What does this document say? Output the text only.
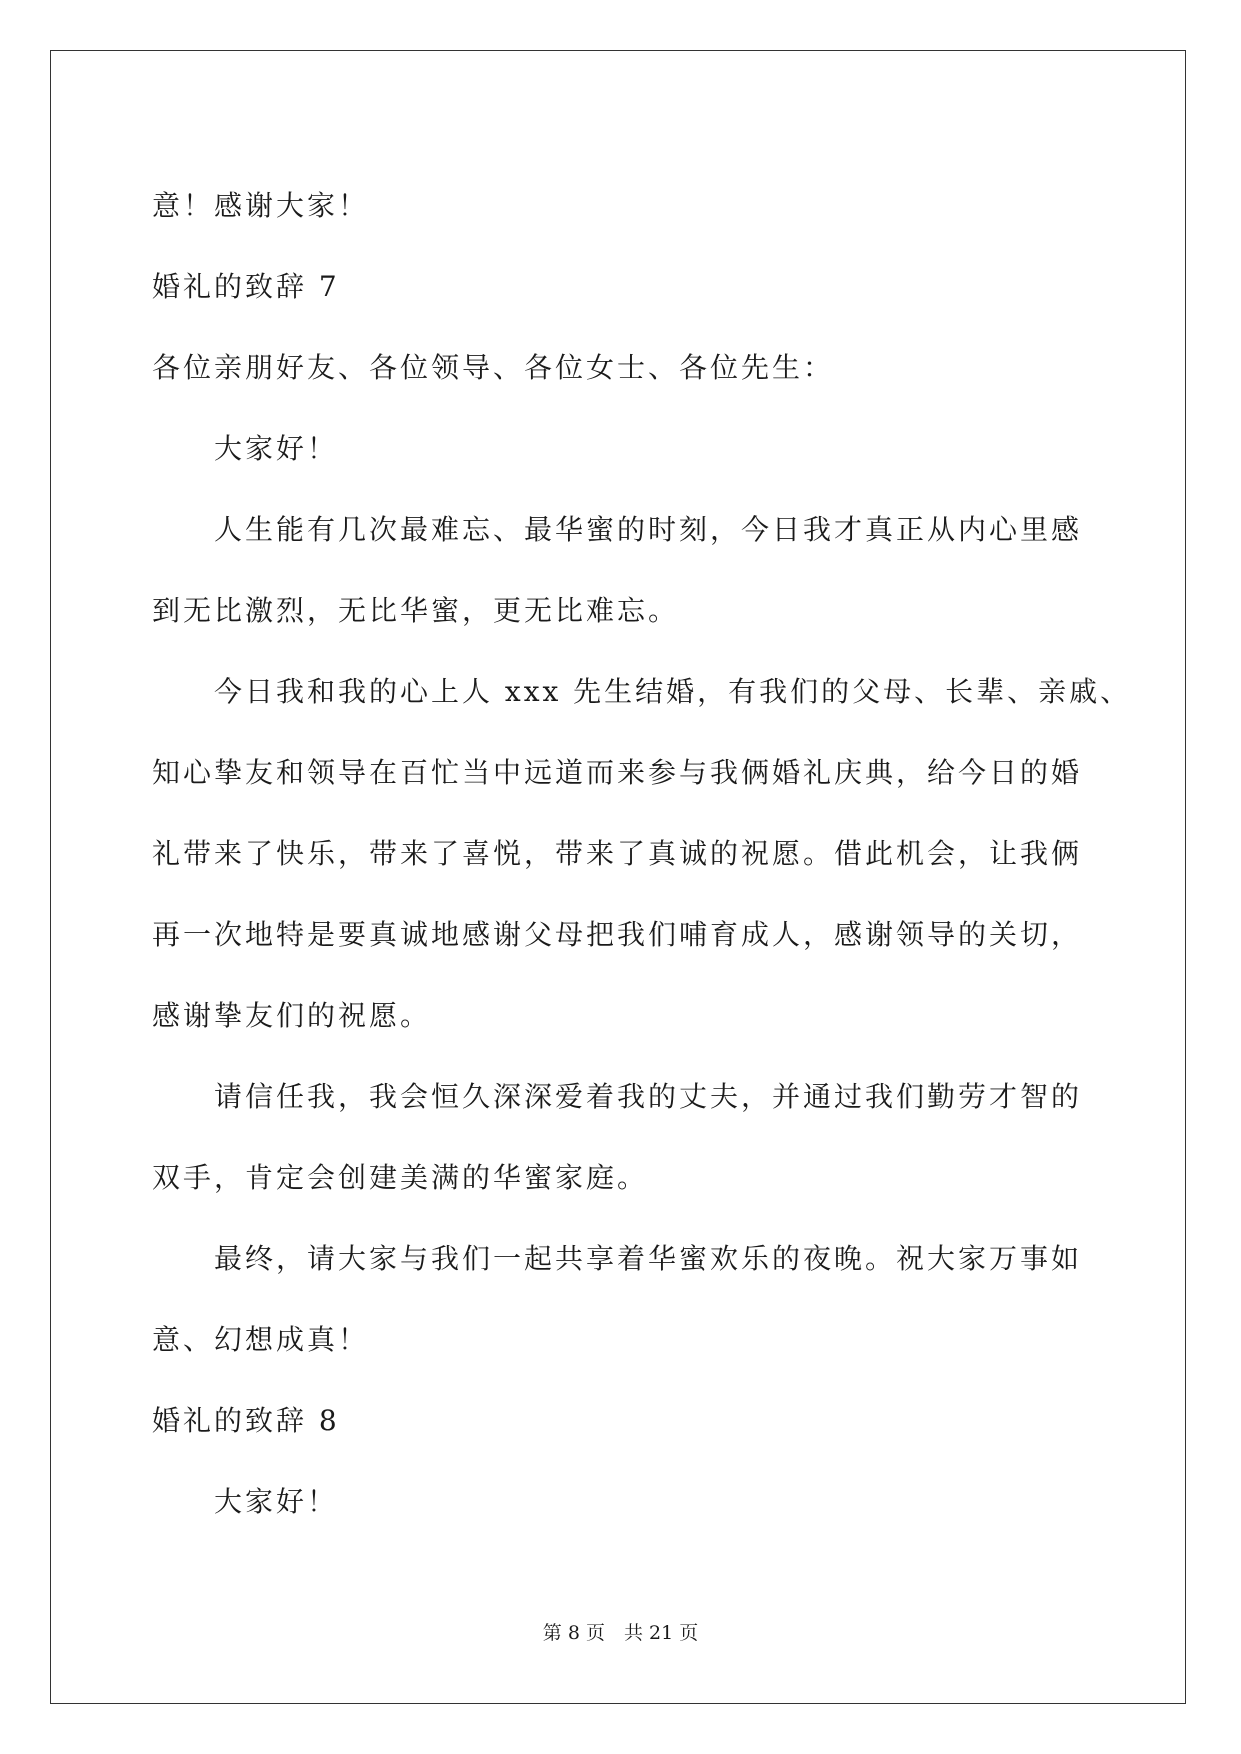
意！感谢大家！
婚礼的致辞 7
各位亲朋好友、各位领导、各位女士、各位先生：
大家好！
人生能有几次最难忘、最华蜜的时刻，今日我才真正从内心里感
到无比激烈，无比华蜜，更无比难忘。
今日我和我的心上人 xxx 先生结婚，有我们的父母、长辈、亲戚、
知心挚友和领导在百忙当中远道而来参与我俩婚礼庆典，给今日的婚
礼带来了快乐，带来了喜悦，带来了真诚的祝愿。借此机会，让我俩
再一次地特是要真诚地感谢父母把我们哺育成人，感谢领导的关切，
感谢挚友们的祝愿。
请信任我，我会恒久深深爱着我的丈夫，并通过我们勤劳才智的
双手，肯定会创建美满的华蜜家庭。
最终，请大家与我们一起共享着华蜜欢乐的夜晚。祝大家万事如
意、幻想成真！
婚礼的致辞 8
大家好！
第 8 页　共 21 页
